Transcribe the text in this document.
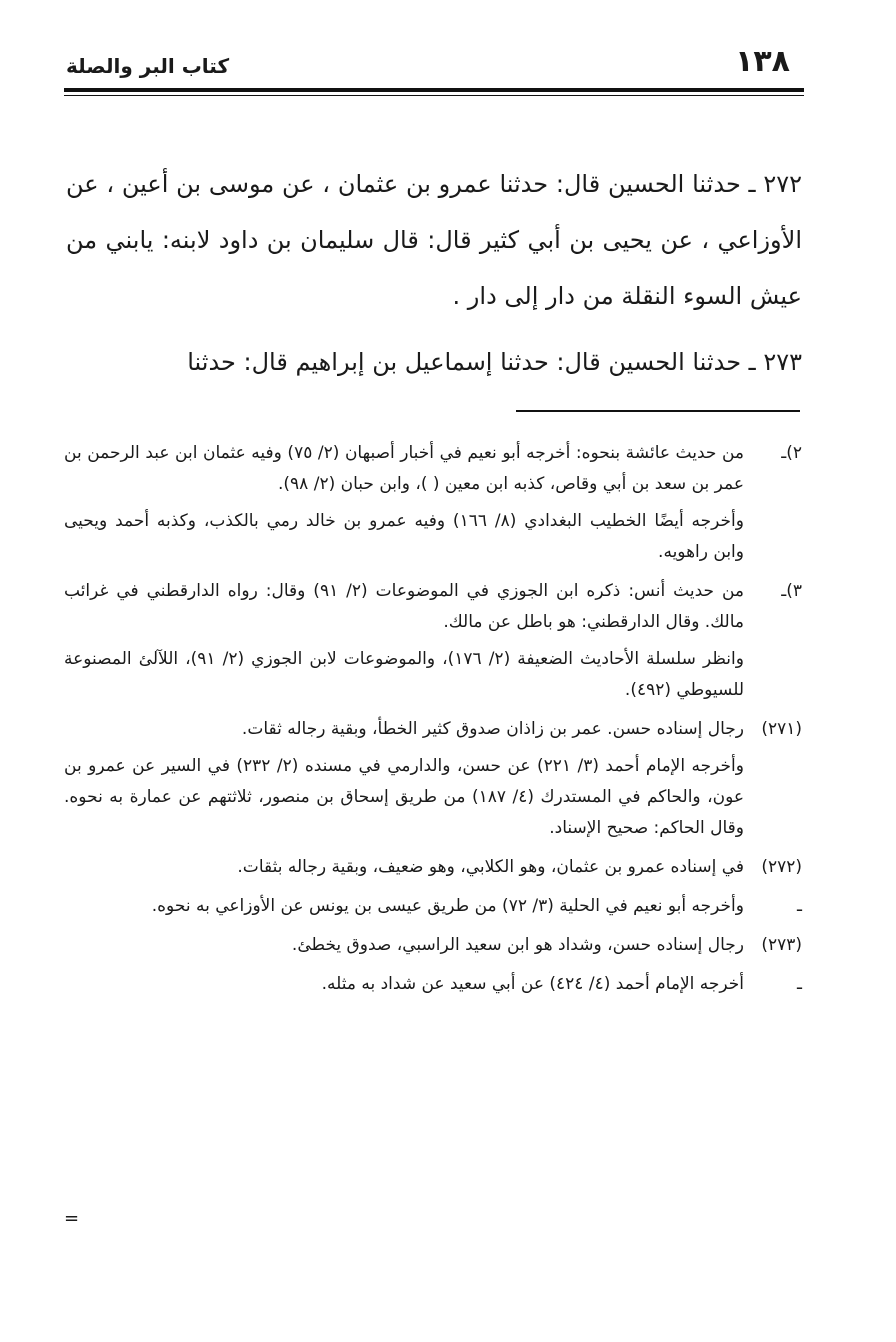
١٣٨
كتاب البر والصلة

٢٧٢ ـ حدثنا الحسين قال: حدثنا عمرو بن عثمان ، عن موسى بن أعين ، عن الأوزاعي ، عن يحيى بن أبي كثير قال: قال سليمان بن داود لابنه: يابني من عيش السوء النقلة من دار إلى دار .

٢٧٣ ـ حدثنا الحسين قال: حدثنا إسماعيل بن إبراهيم قال: حدثنا

٢)ـ

من حديث عائشة بنحوه: أخرجه أبو نعيم في أخبار أصبهان (٢/ ٧٥) وفيه عثمان ابن عبد الرحمن بن عمر بن سعد بن أبي وقاص، كذبه ابن معين ( )، وابن حبان (٢/ ٩٨).

وأخرجه أيضًا الخطيب البغدادي (٨/ ١٦٦) وفيه عمرو بن خالد رمي بالكذب، وكذبه أحمد ويحيى وابن راهويه.

٣)ـ

من حديث أنس: ذكره ابن الجوزي في الموضوعات (٢/ ٩١) وقال: رواه الدارقطني في غرائب مالك. وقال الدارقطني: هو باطل عن مالك.

وانظر سلسلة الأحاديث الضعيفة (٢/ ١٧٦)، والموضوعات لابن الجوزي (٢/ ٩١)، اللآلئ المصنوعة للسيوطي (٤٩٢).

(٢٧١)

رجال إسناده حسن. عمر بن زاذان صدوق كثير الخطأ، وبقية رجاله ثقات.

وأخرجه الإمام أحمد (٣/ ٢٢١) عن حسن، والدارمي في مسنده (٢/ ٢٣٢) في السير عن عمرو بن عون، والحاكم في المستدرك (٤/ ١٨٧) من طريق إسحاق بن منصور، ثلاثتهم عن عمارة به نحوه. وقال الحاكم: صحيح الإسناد.

(٢٧٢)

في إسناده عمرو بن عثمان، وهو الكلابي، وهو ضعيف، وبقية رجاله بثقات.

ـ

وأخرجه أبو نعيم في الحلية (٣/ ٧٢) من طريق عيسى بن يونس عن الأوزاعي به نحوه.

(٢٧٣)

رجال إسناده حسن، وشداد هو ابن سعيد الراسبي، صدوق يخطئ.

ـ

أخرجه الإمام أحمد (٤/ ٤٢٤) عن أبي سعيد عن شداد به مثله.

=
